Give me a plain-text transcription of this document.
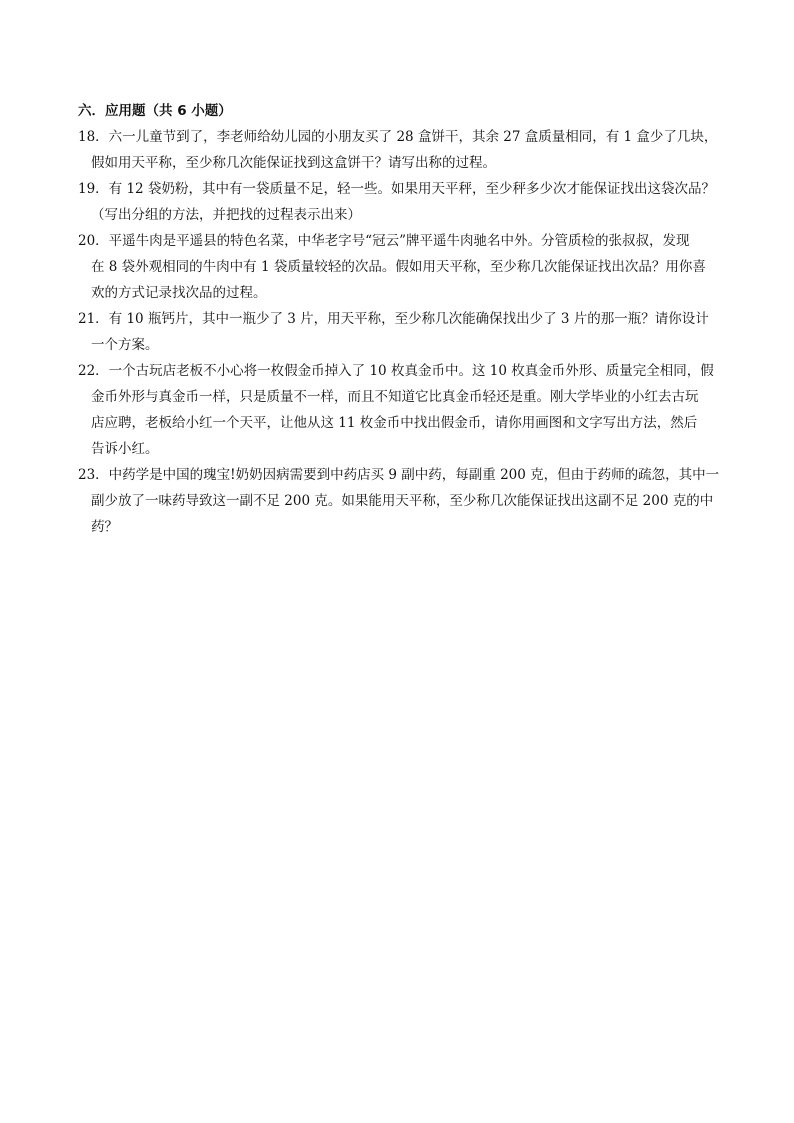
六．应用题（共 6 小题）
18．六一儿童节到了，李老师给幼儿园的小朋友买了 28 盒饼干，其余 27 盒质量相同，有 1 盒少了几块，
假如用天平称，至少称几次能保证找到这盒饼干？请写出称的过程。
19．有 12 袋奶粉，其中有一袋质量不足，轻一些。如果用天平秤，至少秤多少次才能保证找出这袋次品？
（写出分组的方法，并把找的过程表示出来）
20．平遥牛肉是平遥县的特色名菜，中华老字号“冠云”牌平遥牛肉驰名中外。分管质检的张叔叔，发现
在 8 袋外观相同的牛肉中有 1 袋质量较轻的次品。假如用天平称，至少称几次能保证找出次品？用你喜
欢的方式记录找次品的过程。
21．有 10 瓶钙片，其中一瓶少了 3 片，用天平称，至少称几次能确保找出少了 3 片的那一瓶？请你设计
一个方案。
22．一个古玩店老板不小心将一枚假金币掉入了 10 枚真金币中。这 10 枚真金币外形、质量完全相同，假
金币外形与真金币一样，只是质量不一样，而且不知道它比真金币轻还是重。刚大学毕业的小红去古玩
店应聘，老板给小红一个天平，让他从这 11 枚金币中找出假金币，请你用画图和文字写出方法，然后
告诉小红。
23．中药学是中国的瑰宝!奶奶因病需要到中药店买 9 副中药，每副重 200 克，但由于药师的疏忽，其中一
副少放了一味药导致这一副不足 200 克。如果能用天平称，至少称几次能保证找出这副不足 200 克的中
药？
